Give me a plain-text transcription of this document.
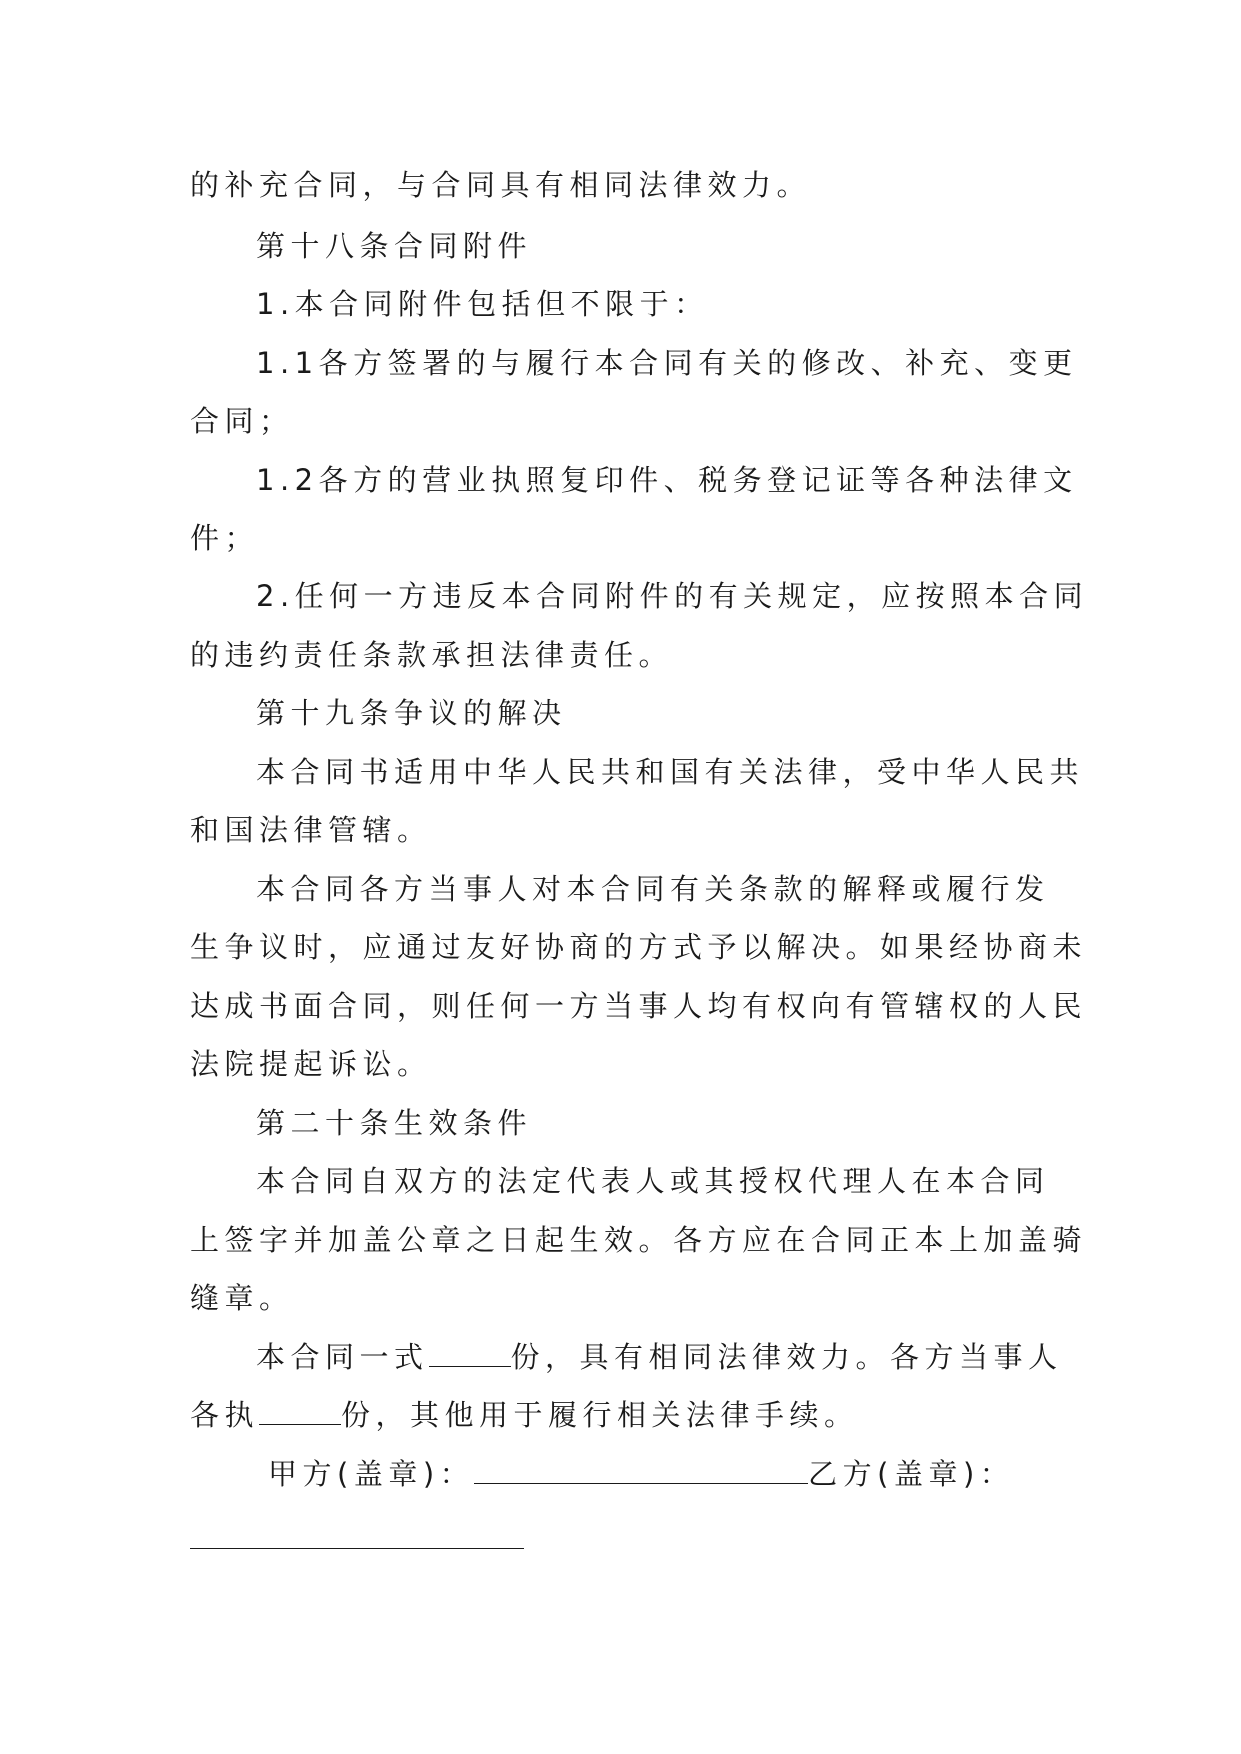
的补充合同，与合同具有相同法律效力。
第十八条合同附件
1.本合同附件包括但不限于：
1.1各方签署的与履行本合同有关的修改、补充、变更
合同；
1.2各方的营业执照复印件、税务登记证等各种法律文
件；
2.任何一方违反本合同附件的有关规定，应按照本合同
的违约责任条款承担法律责任。
第十九条争议的解决
本合同书适用中华人民共和国有关法律，受中华人民共
和国法律管辖。
本合同各方当事人对本合同有关条款的解释或履行发
生争议时，应通过友好协商的方式予以解决。如果经协商未
达成书面合同，则任何一方当事人均有权向有管辖权的人民
法院提起诉讼。
第二十条生效条件
本合同自双方的法定代表人或其授权代理人在本合同
上签字并加盖公章之日起生效。各方应在合同正本上加盖骑
缝章。
本合同一式	份，具有相同法律效力。各方当事人
各执	份，其他用于履行相关法律手续。
甲方(盖章)：	乙方(盖章)：
